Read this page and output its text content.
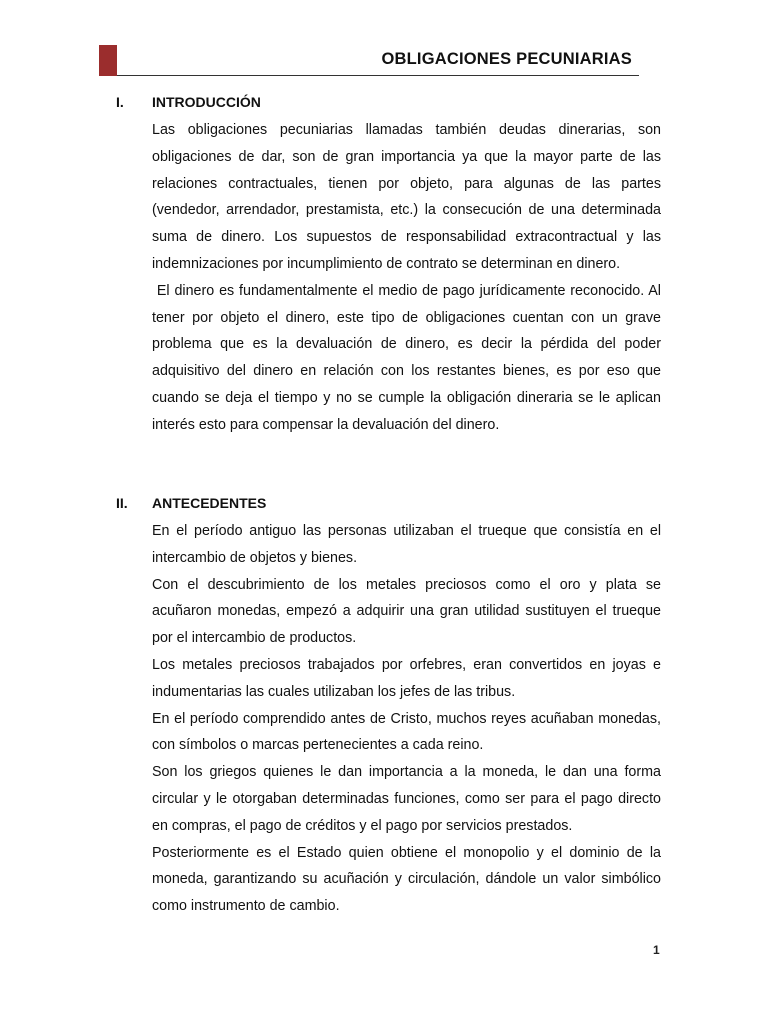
OBLIGACIONES PECUNIARIAS
I. INTRODUCCIÓN

Las obligaciones pecuniarias llamadas también deudas dinerarias, son obligaciones de dar, son de gran importancia ya que la mayor parte de las relaciones contractuales, tienen por objeto, para algunas de las partes (vendedor, arrendador, prestamista, etc.) la consecución de una determinada suma de dinero. Los supuestos de responsabilidad extracontractual y las indemnizaciones por incumplimiento de contrato se determinan en dinero.

El dinero es fundamentalmente el medio de pago jurídicamente reconocido. Al tener por objeto el dinero, este tipo de obligaciones cuentan con un grave problema que es la devaluación de dinero, es decir la pérdida del poder adquisitivo del dinero en relación con los restantes bienes, es por eso que cuando se deja el tiempo y no se cumple la obligación dineraria se le aplican interés esto para compensar la devaluación del dinero.

II. ANTECEDENTES

En el período antiguo las personas utilizaban el trueque que consistía en el intercambio de objetos y bienes.

Con el descubrimiento de los metales preciosos como el oro y plata se acuñaron monedas, empezó a adquirir una gran utilidad sustituyen el trueque por el intercambio de productos.

Los metales preciosos trabajados por orfebres, eran convertidos en joyas e indumentarias las cuales utilizaban los jefes de las tribus.

En el período comprendido antes de Cristo, muchos reyes acuñaban monedas, con símbolos o marcas pertenecientes a cada reino.

Son los griegos quienes le dan importancia a la moneda, le dan una forma circular y le otorgaban determinadas funciones, como ser para el pago directo en compras, el pago de créditos y el pago por servicios prestados.

Posteriormente es el Estado quien obtiene el monopolio y el dominio de la moneda, garantizando su acuñación y circulación, dándole un valor simbólico como instrumento de cambio.

1
